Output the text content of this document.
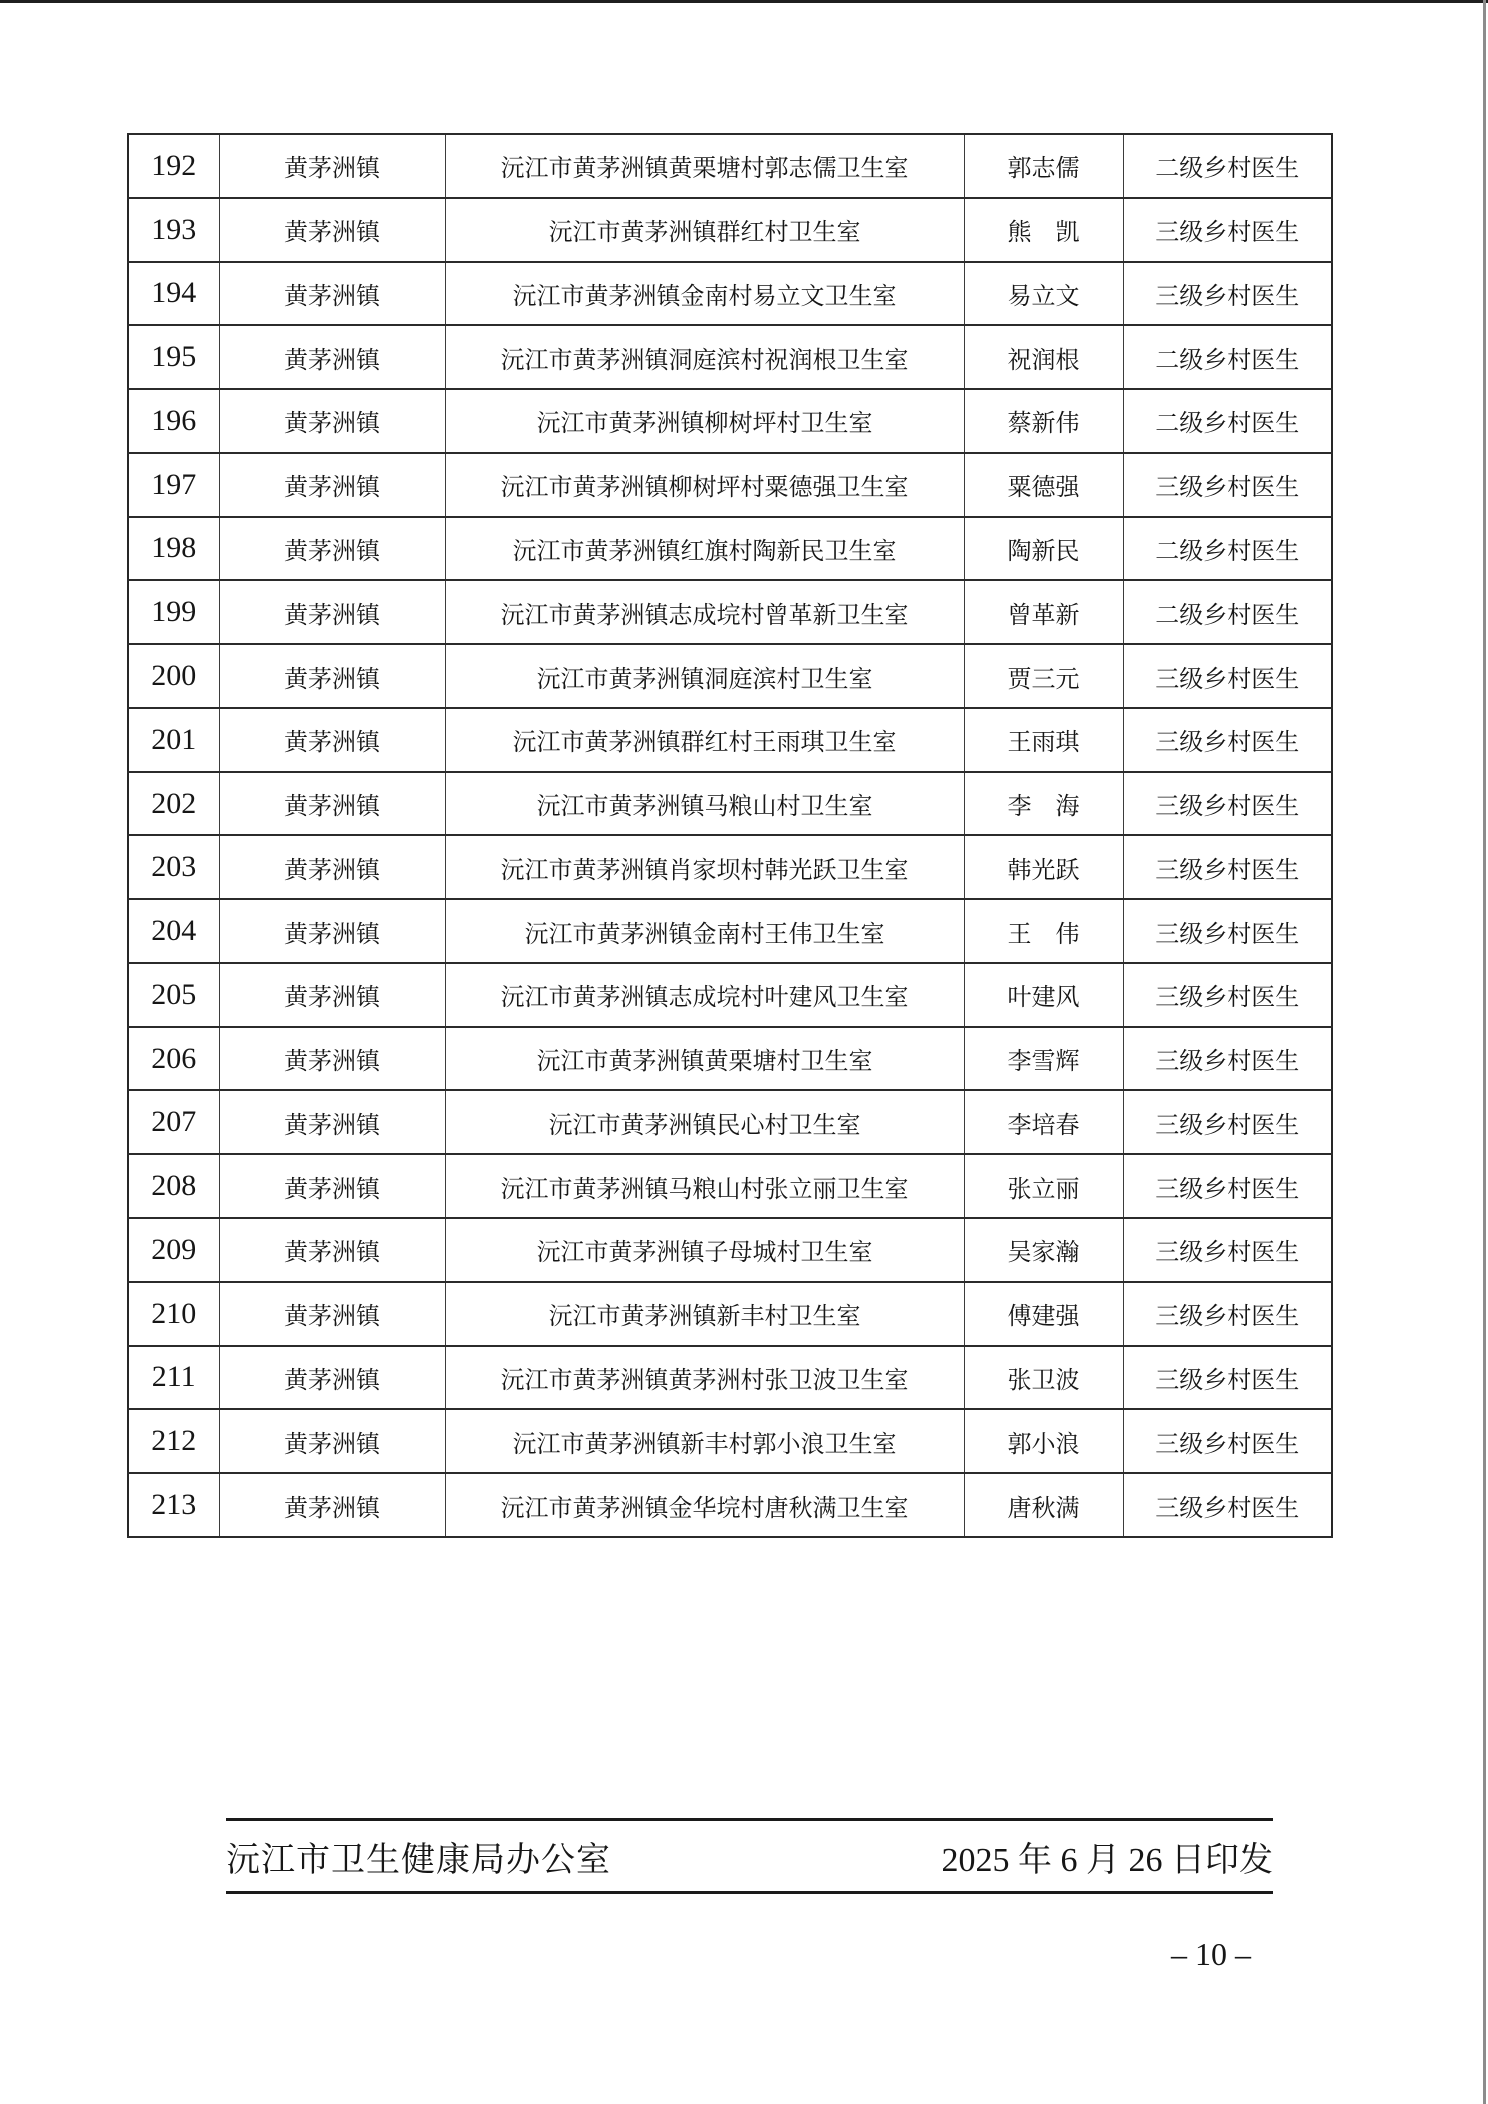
192	黄茅洲镇	沅江市黄茅洲镇黄栗塘村郭志儒卫生室	郭志儒	二级乡村医生
193	黄茅洲镇	沅江市黄茅洲镇群红村卫生室	熊　凯	三级乡村医生
194	黄茅洲镇	沅江市黄茅洲镇金南村易立文卫生室	易立文	三级乡村医生
195	黄茅洲镇	沅江市黄茅洲镇洞庭滨村祝润根卫生室	祝润根	二级乡村医生
196	黄茅洲镇	沅江市黄茅洲镇柳树坪村卫生室	蔡新伟	二级乡村医生
197	黄茅洲镇	沅江市黄茅洲镇柳树坪村粟德强卫生室	粟德强	三级乡村医生
198	黄茅洲镇	沅江市黄茅洲镇红旗村陶新民卫生室	陶新民	二级乡村医生
199	黄茅洲镇	沅江市黄茅洲镇志成垸村曾革新卫生室	曾革新	二级乡村医生
200	黄茅洲镇	沅江市黄茅洲镇洞庭滨村卫生室	贾三元	三级乡村医生
201	黄茅洲镇	沅江市黄茅洲镇群红村王雨琪卫生室	王雨琪	三级乡村医生
202	黄茅洲镇	沅江市黄茅洲镇马粮山村卫生室	李　海	三级乡村医生
203	黄茅洲镇	沅江市黄茅洲镇肖家坝村韩光跃卫生室	韩光跃	三级乡村医生
204	黄茅洲镇	沅江市黄茅洲镇金南村王伟卫生室	王　伟	三级乡村医生
205	黄茅洲镇	沅江市黄茅洲镇志成垸村叶建风卫生室	叶建风	三级乡村医生
206	黄茅洲镇	沅江市黄茅洲镇黄栗塘村卫生室	李雪辉	三级乡村医生
207	黄茅洲镇	沅江市黄茅洲镇民心村卫生室	李培春	三级乡村医生
208	黄茅洲镇	沅江市黄茅洲镇马粮山村张立丽卫生室	张立丽	三级乡村医生
209	黄茅洲镇	沅江市黄茅洲镇子母城村卫生室	吴家瀚	三级乡村医生
210	黄茅洲镇	沅江市黄茅洲镇新丰村卫生室	傅建强	三级乡村医生
211	黄茅洲镇	沅江市黄茅洲镇黄茅洲村张卫波卫生室	张卫波	三级乡村医生
212	黄茅洲镇	沅江市黄茅洲镇新丰村郭小浪卫生室	郭小浪	三级乡村医生
213	黄茅洲镇	沅江市黄茅洲镇金华垸村唐秋满卫生室	唐秋满	三级乡村医生
沅江市卫生健康局办公室	2025 年 6 月 26 日印发
– 10 –
